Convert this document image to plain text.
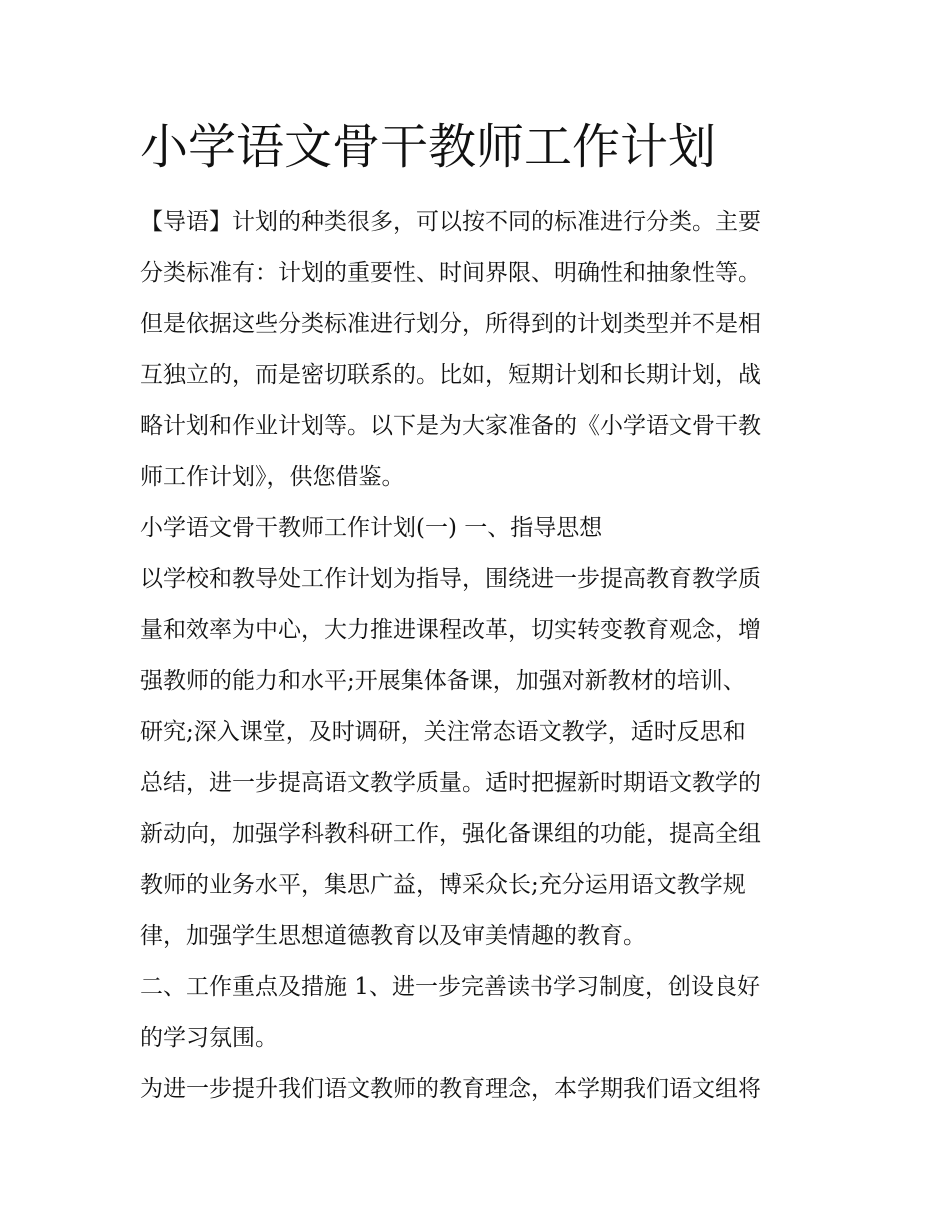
小学语文骨干教师工作计划

【导语】计划的种类很多，可以按不同的标准进行分类。主要

分类标准有：计划的重要性、时间界限、明确性和抽象性等。

但是依据这些分类标准进行划分，所得到的计划类型并不是相

互独立的，而是密切联系的。比如，短期计划和长期计划，战

略计划和作业计划等。以下是为大家准备的《小学语文骨干教

师工作计划》，供您借鉴。

小学语文骨干教师工作计划(一) 一、指导思想

以学校和教导处工作计划为指导，围绕进一步提高教育教学质

量和效率为中心，大力推进课程改革，切实转变教育观念，增

强教师的能力和水平;开展集体备课，加强对新教材的培训、

研究;深入课堂，及时调研，关注常态语文教学，适时反思和

总结，进一步提高语文教学质量。适时把握新时期语文教学的

新动向，加强学科教科研工作，强化备课组的功能，提高全组

教师的业务水平，集思广益，博采众长;充分运用语文教学规

律，加强学生思想道德教育以及审美情趣的教育。

二、工作重点及措施 1、进一步完善读书学习制度，创设良好

的学习氛围。

为进一步提升我们语文教师的教育理念，本学期我们语文组将
